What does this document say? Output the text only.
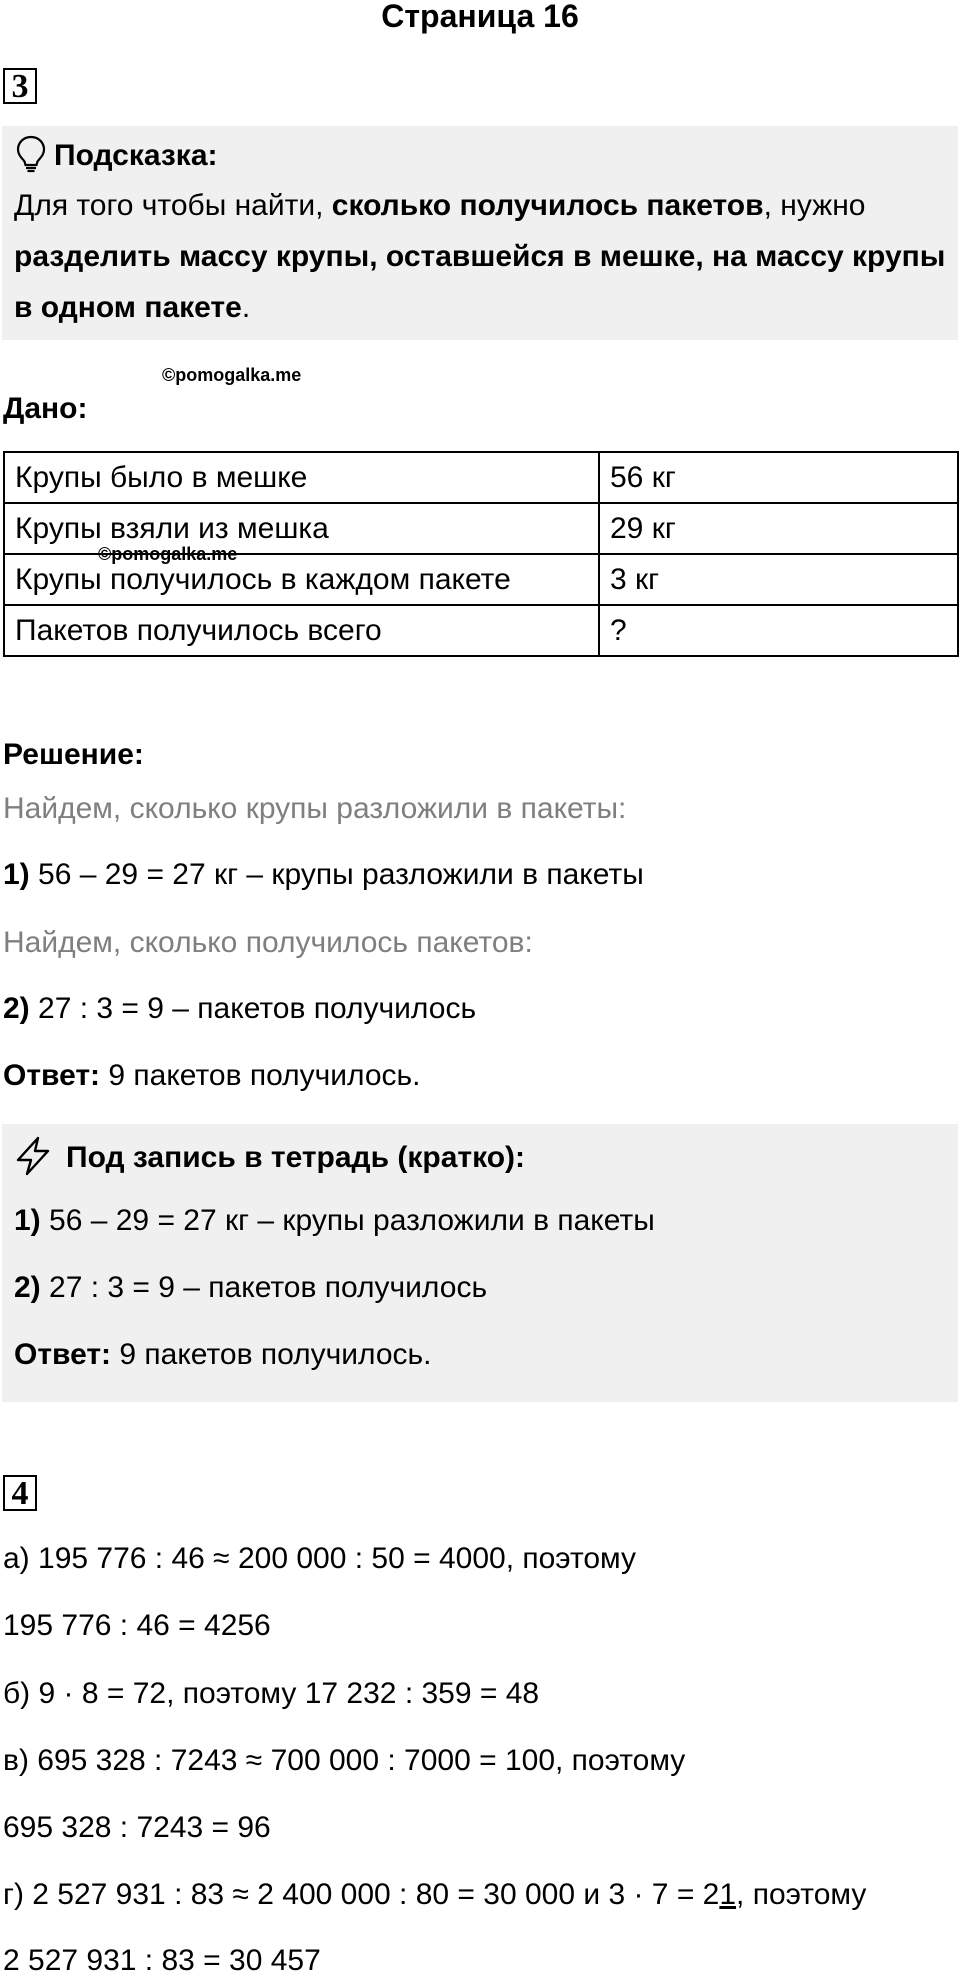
Страница 16
3
Подсказка:
Для того чтобы найти, сколько получилось пакетов, нужно разделить массу крупы, оставшейся в мешке, на массу крупы в одном пакете.
©pomogalka.me
Дано:
Крупы было в мешке	56 кг
Крупы взяли из мешка	29 кг
Крупы получилось в каждом пакете	3 кг
Пакетов получилось всего	?
©pomogalka.me
Решение:
Найдем, сколько крупы разложили в пакеты:
1) 56 – 29 = 27 кг – крупы разложили в пакеты
Найдем, сколько получилось пакетов:
2) 27 : 3 = 9 – пакетов получилось
Ответ: 9 пакетов получилось.
Под запись в тетрадь (кратко):
1) 56 – 29 = 27 кг – крупы разложили в пакеты
2) 27 : 3 = 9 – пакетов получилось
Ответ: 9 пакетов получилось.
4
а) 195 776 : 46 ≈ 200 000 : 50 = 4000, поэтому
195 776 : 46 = 4256
б) 9 · 8 = 72, поэтому 17 232 : 359 = 48
в) 695 328 : 7243 ≈ 700 000 : 7000 = 100, поэтому
695 328 : 7243 = 96
г) 2 527 931 : 83 ≈ 2 400 000 : 80 = 30 000 и 3 · 7 = 21, поэтому
2 527 931 : 83 = 30 457
